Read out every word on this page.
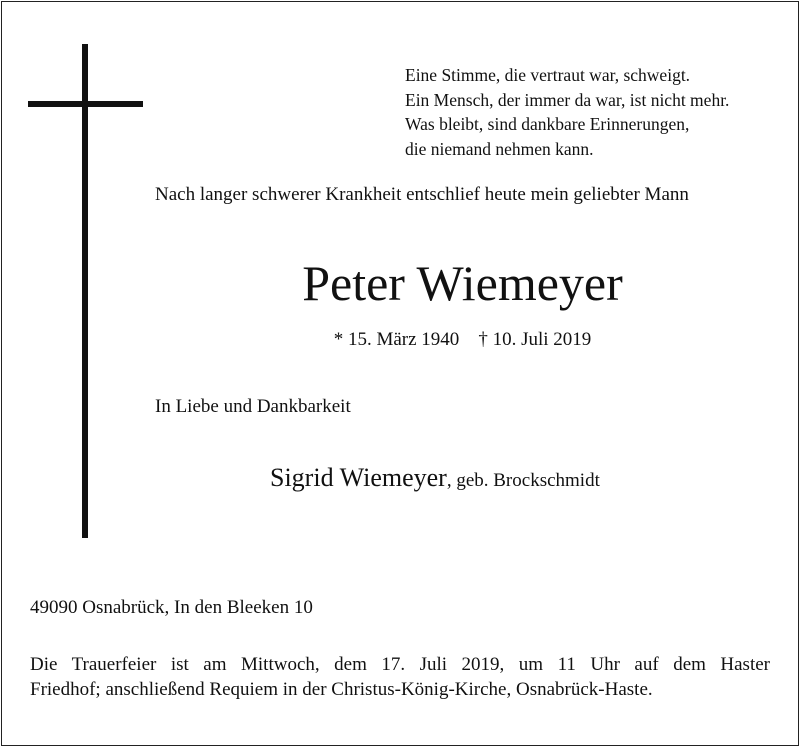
Eine Stimme, die vertraut war, schweigt.
Ein Mensch, der immer da war, ist nicht mehr.
Was bleibt, sind dankbare Erinnerungen,
die niemand nehmen kann.
Nach langer schwerer Krankheit entschlief heute mein geliebter Mann
Peter Wiemeyer
* 15. März 1940 † 10. Juli 2019
In Liebe und Dankbarkeit
Sigrid Wiemeyer, geb. Brockschmidt
49090 Osnabrück, In den Bleeken 10
Die Trauerfeier ist am Mittwoch, dem 17. Juli 2019, um 11 Uhr auf dem Haster
Friedhof; anschließend Requiem in der Christus-König-Kirche, Osnabrück-Haste.
